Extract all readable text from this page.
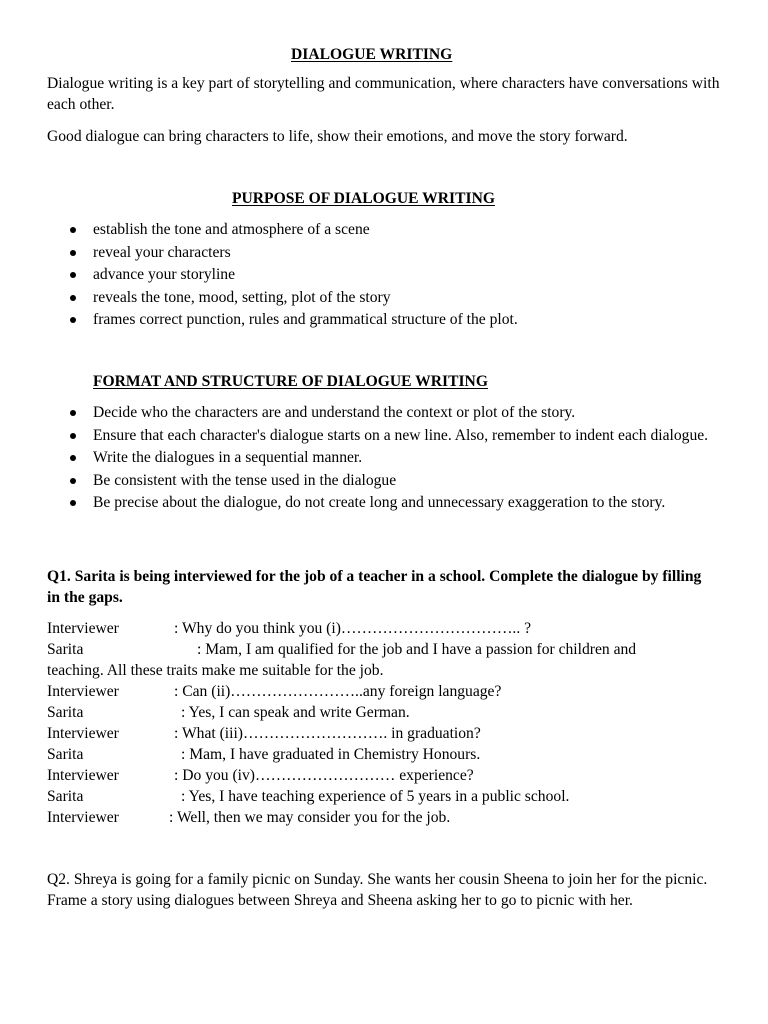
DIALOGUE WRITING
Dialogue writing is a key part of storytelling and communication, where characters have conversations with each other.
Good dialogue can bring characters to life, show their emotions, and move the story forward.
PURPOSE OF DIALOGUE WRITING
establish the tone and atmosphere of a scene
reveal your characters
advance your storyline
reveals the tone, mood, setting, plot of the story
frames correct punction, rules and grammatical structure of the plot.
FORMAT AND STRUCTURE OF DIALOGUE WRITING
Decide who the characters are and understand the context or plot of the story.
Ensure that each character's dialogue starts on a new line. Also, remember to indent each dialogue.
Write the dialogues in a sequential manner.
Be consistent with the tense used in the dialogue
Be precise about the dialogue, do not create long and unnecessary exaggeration to the story.
Q1. Sarita is being interviewed for the job of a teacher in a school. Complete the dialogue by filling in the gaps.
Interviewer	: Why do you think you (i)…………………………….. ?
Sarita	: Mam, I am qualified for the job and I have a passion for children and
teaching. All these traits make me suitable for the job.
Interviewer	: Can (ii)……………………..any foreign language?
Sarita	: Yes, I can speak and write German.
Interviewer	: What (iii)………………………. in graduation?
Sarita	: Mam, I have graduated in Chemistry Honours.
Interviewer	: Do you (iv)……………………… experience?
Sarita	: Yes, I have teaching experience of 5 years in a public school.
Interviewer	: Well, then we may consider you for the job.
Q2. Shreya is going for a family picnic on Sunday. She wants her cousin Sheena to join her for the picnic. Frame a story using dialogues between Shreya and Sheena asking her to go to picnic with her.
